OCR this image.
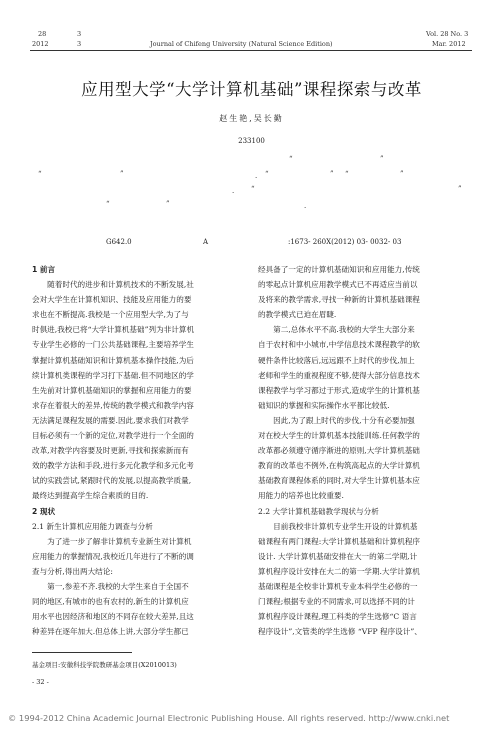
28	3
2012	3	Journal of Chifeng University (Natural Science Edition)
Vol. 28 No. 3
Mar. 2012
应用型大学“大学计算机基础”课程探索与改革
赵生艳,吴长勤
233100
“	”
“	”	. “	” “	”
. “	”
“	”	.
G642.0	A	:1673- 260X(2012) 03- 0032- 03

1 前言

　　随着时代的进步和计算机技术的不断发展,社

会对大学生在计算机知识、技能及应用能力的要

求也在不断提高.我校是一个应用型大学,为了与

时俱进,我校已将“大学计算机基础”列为非计算机

专业学生必修的一门公共基础课程,主要培养学生

掌握计算机基础知识和计算机基本操作技能,为后

续计算机类课程的学习打下基础.但不同地区的学

生先前对计算机基础知识的掌握和应用能力的要

求存在着很大的差异,传统的教学模式和教学内容

无法满足课程发展的需要.因此,要求我们对教学

目标必须有一个新的定位,对教学进行一个全面的

改革,对教学内容要及时更新,寻找和探索新而有

效的教学方法和手段,进行多元化教学和多元化考

试的实践尝试,紧跟时代的发展,以提高教学质量,

最终达到提高学生综合素质的目的.

2 现状

2.1 新生计算机应用能力调查与分析

　　为了进一步了解非计算机专业新生对计算机

应用能力的掌握情况,我校近几年进行了不断的调

查与分析,得出两大结论:

　　第一,参差不齐.我校的大学生来自于全国不

同的地区,有城市的也有农村的,新生的计算机应

用水平也因经济和地区的不同存在较大差异,且这

种差异在逐年加大.但总体上讲,大部分学生都已

经具备了一定的计算机基础知识和应用能力,传统

的零起点计算机应用教学模式已不再适应当前以

及将来的教学需求,寻找一种新的计算机基础课程

的教学模式已迫在眉睫.

　　第二,总体水平不高.我校的大学生大部分来

自于农村和中小城市,中学信息技术课程教学的软

硬件条件比较落后,远远跟不上时代的步伐,加上

老师和学生的重视程度不够,使得大部分信息技术

课程教学与学习都过于形式,造成学生的计算机基

础知识的掌握和实际操作水平都比较低.

　　因此,为了跟上时代的步伐,十分有必要加强

对在校大学生的计算机基本技能训练.任何教学的

改革都必须遵守循序渐进的原则,大学计算机基础

教育的改革也不例外,在构筑高起点的大学计算机

基础教育课程体系的同时,对大学生计算机基本应

用能力的培养也比较重要.

2.2 大学计算机基础教学现状与分析

　　目前我校非计算机专业学生开设的计算机基

础课程有两门课程:大学计算机基础和计算机程序

设计. 大学计算机基础安排在大一的第二学期,计

算机程序设计安排在大二的第一学期.大学计算机

基础课程是全校非计算机专业本科学生必修的一

门课程;根据专业的不同需求,可以选择不同的计

算机程序设计课程,理工科类的学生选修“C 语言

程序设计”,文管类的学生选修 “VFP 程序设计”、

基金项目:安徽科技学院教研基金项目(X2010013)
- 32 -
© 1994-2012 China Academic Journal Electronic Publishing House. All rights reserved. http://www.cnki.net
